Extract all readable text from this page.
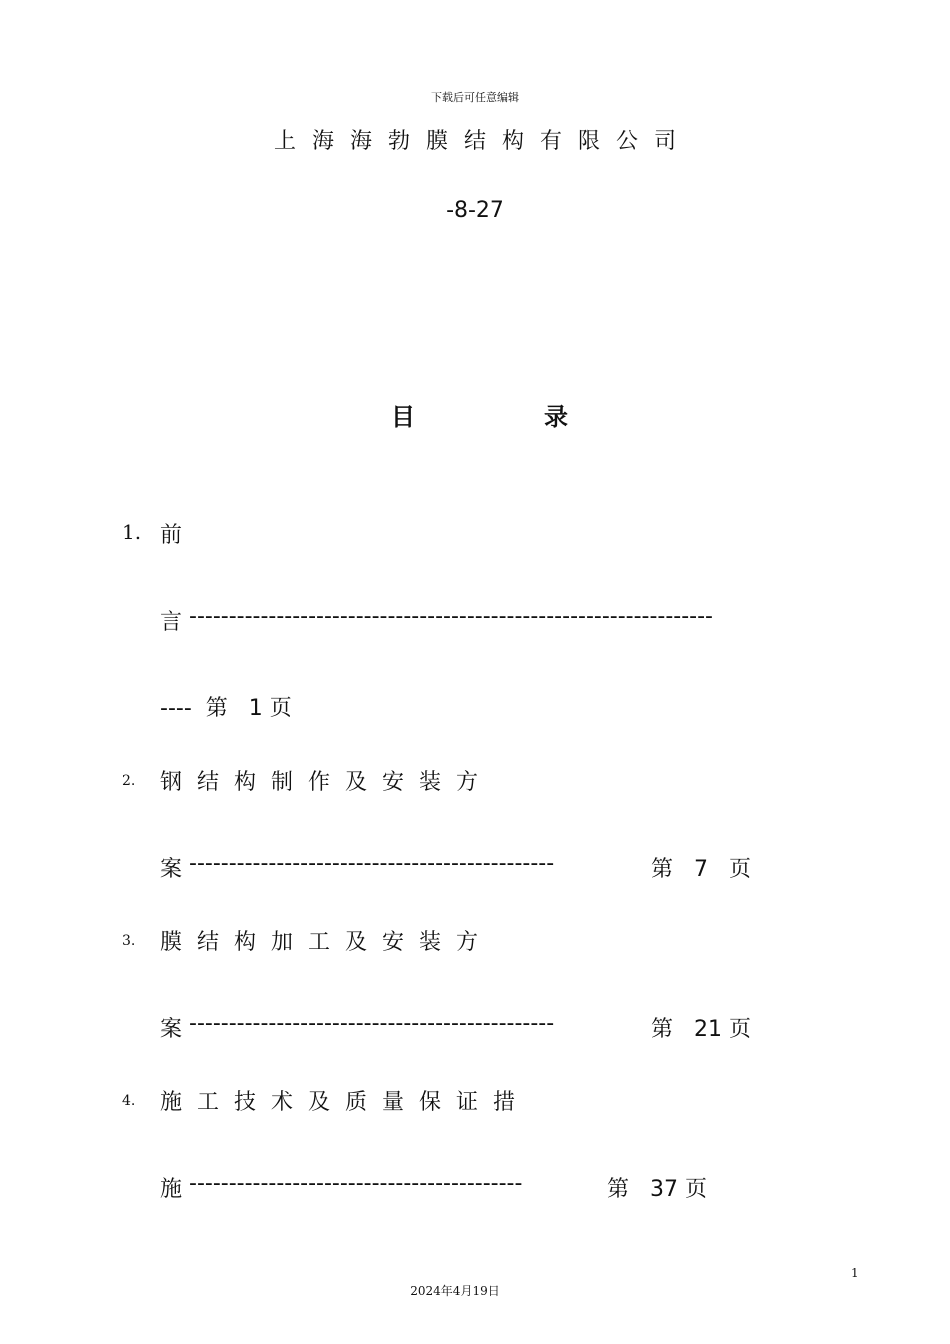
下载后可任意编辑
上海海勃膜结构有限公司
-8-27
目	录
1. 前
言 ------------------------------------------------------------------
---- 第 1 页
2. 钢结构制作及安装方
案 ----------------------------------------------	第 7 页
3. 膜结构加工及安装方
案 ----------------------------------------------	第 21 页
4. 施工技术及质量保证措
施 ------------------------------------------	第 37 页
1
2024年4月19日
